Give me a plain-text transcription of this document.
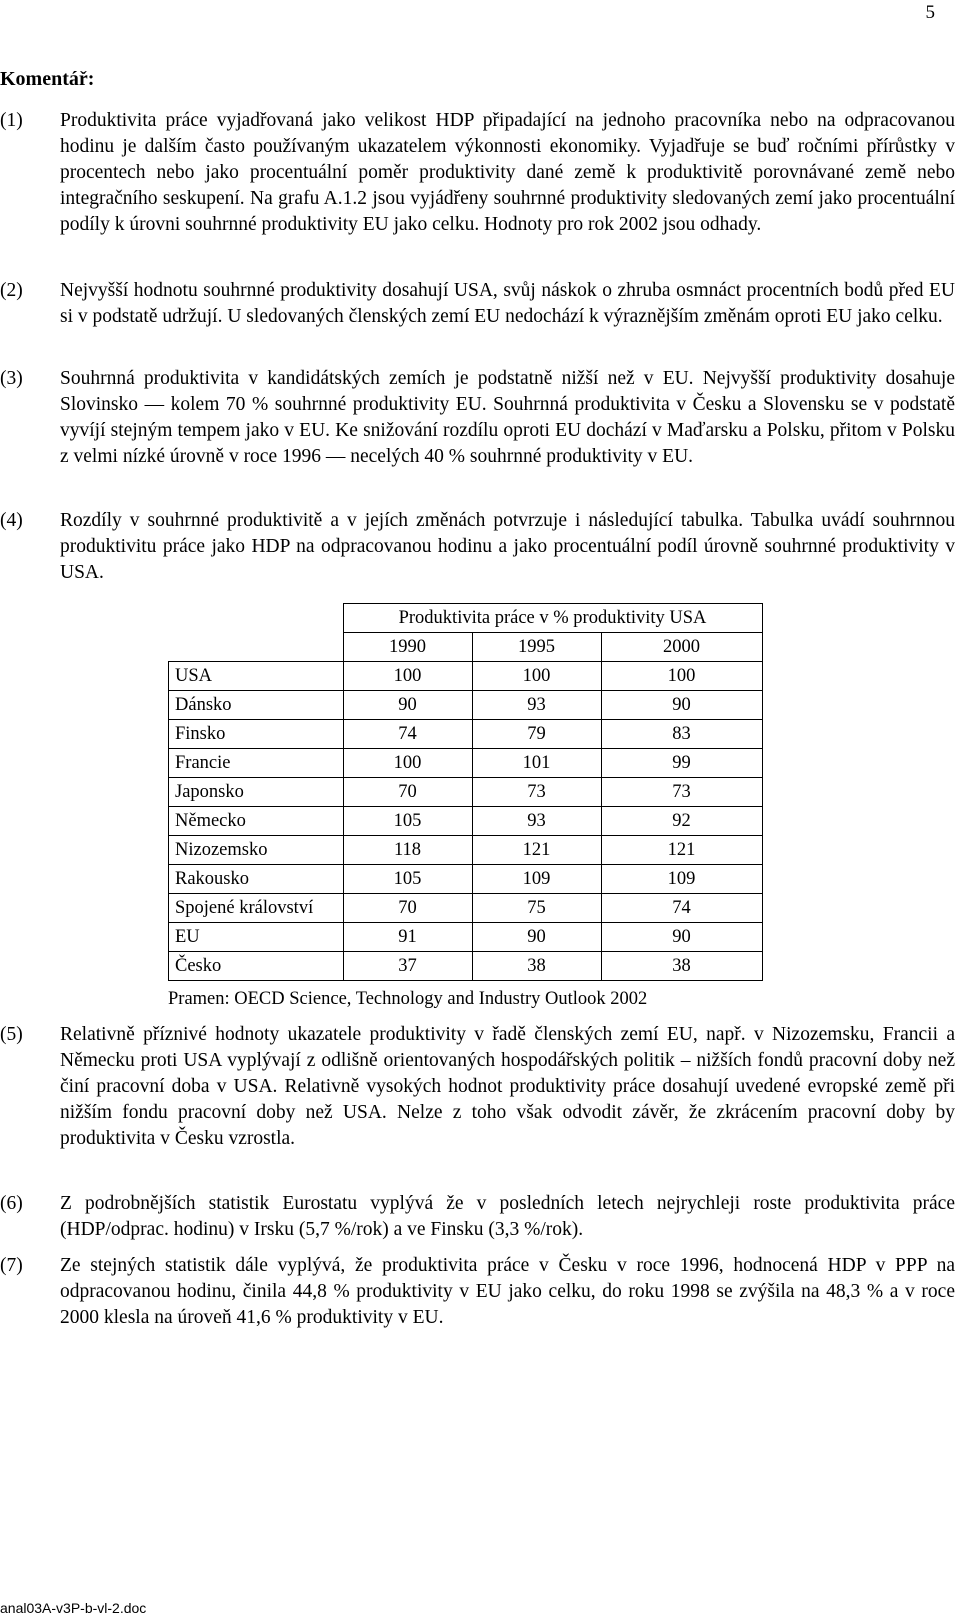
5
Komentář:
(1)	Produktivita práce vyjadřovaná jako velikost HDP připadající na jednoho pracovníka nebo na odpracovanou hodinu je dalším často používaným ukazatelem výkonnosti ekonomiky. Vyjadřuje se buď ročními přírůstky v procentech nebo jako procentuální poměr produktivity dané země k produktivitě porovnávané země nebo integračního seskupení. Na grafu A.1.2 jsou vyjádřeny souhrnné produktivity sledovaných zemí jako procentuální podíly k úrovni souhrnné produktivity EU jako celku. Hodnoty pro rok 2002 jsou odhady.
(2)	Nejvyšší hodnotu souhrnné produktivity dosahují USA, svůj náskok o zhruba osmnáct procentních bodů před EU si v podstatě udržují. U sledovaných členských zemí EU nedochází k výraznějším změnám oproti EU jako celku.
(3)	Souhrnná produktivita v kandidátských zemích je podstatně nižší než v EU. Nejvyšší produktivity dosahuje Slovinsko — kolem 70 % souhrnné produktivity EU. Souhrnná produktivita v Česku a Slovensku se v podstatě vyvíjí stejným tempem jako v EU. Ke snižování rozdílu oproti EU dochází v Maďarsku a Polsku, přitom v Polsku z velmi nízké úrovně v roce 1996 — necelých 40 % souhrnné produktivity v EU.
(4)	Rozdíly v souhrnné produktivitě a v jejích změnách potvrzuje i následující tabulka. Tabulka uvádí souhrnnou produktivitu práce jako HDP na odpracovanou hodinu a jako procentuální podíl úrovně souhrnné produktivity v USA.
	Produktivita práce v % produktivity USA		
	1990	1995	2000
USA	100	100	100
Dánsko	90	93	90
Finsko	74	79	83
Francie	100	101	99
Japonsko	70	73	73
Německo	105	93	92
Nizozemsko	118	121	121
Rakousko	105	109	109
Spojené království	70	75	74
EU	91	90	90
Česko	37	38	38
Pramen: OECD Science, Technology and Industry Outlook 2002
(5)	Relativně příznivé hodnoty ukazatele produktivity v řadě členských zemí EU, např. v Nizozemsku, Francii a Německu proti USA vyplývají z odlišně orientovaných hospodářských politik – nižších fondů pracovní doby než činí pracovní doba v USA. Relativně vysokých hodnot produktivity práce dosahují uvedené evropské země při nižším fondu pracovní doby než USA. Nelze z toho však odvodit závěr, že zkrácením pracovní doby by produktivita v Česku vzrostla.
(6)	Z podrobnějších statistik Eurostatu vyplývá že v posledních letech nejrychleji roste produktivita práce (HDP/odprac. hodinu) v Irsku (5,7 %/rok) a ve Finsku (3,3 %/rok).
(7)	Ze stejných statistik dále vyplývá, že produktivita práce v Česku v roce 1996, hodnocená HDP v PPP na odpracovanou hodinu, činila 44,8 % produktivity v EU jako celku, do roku 1998 se zvýšila na 48,3 % a v roce 2000 klesla na úroveň 41,6 % produktivity v EU.
anal03A-v3P-b-vl-2.doc
